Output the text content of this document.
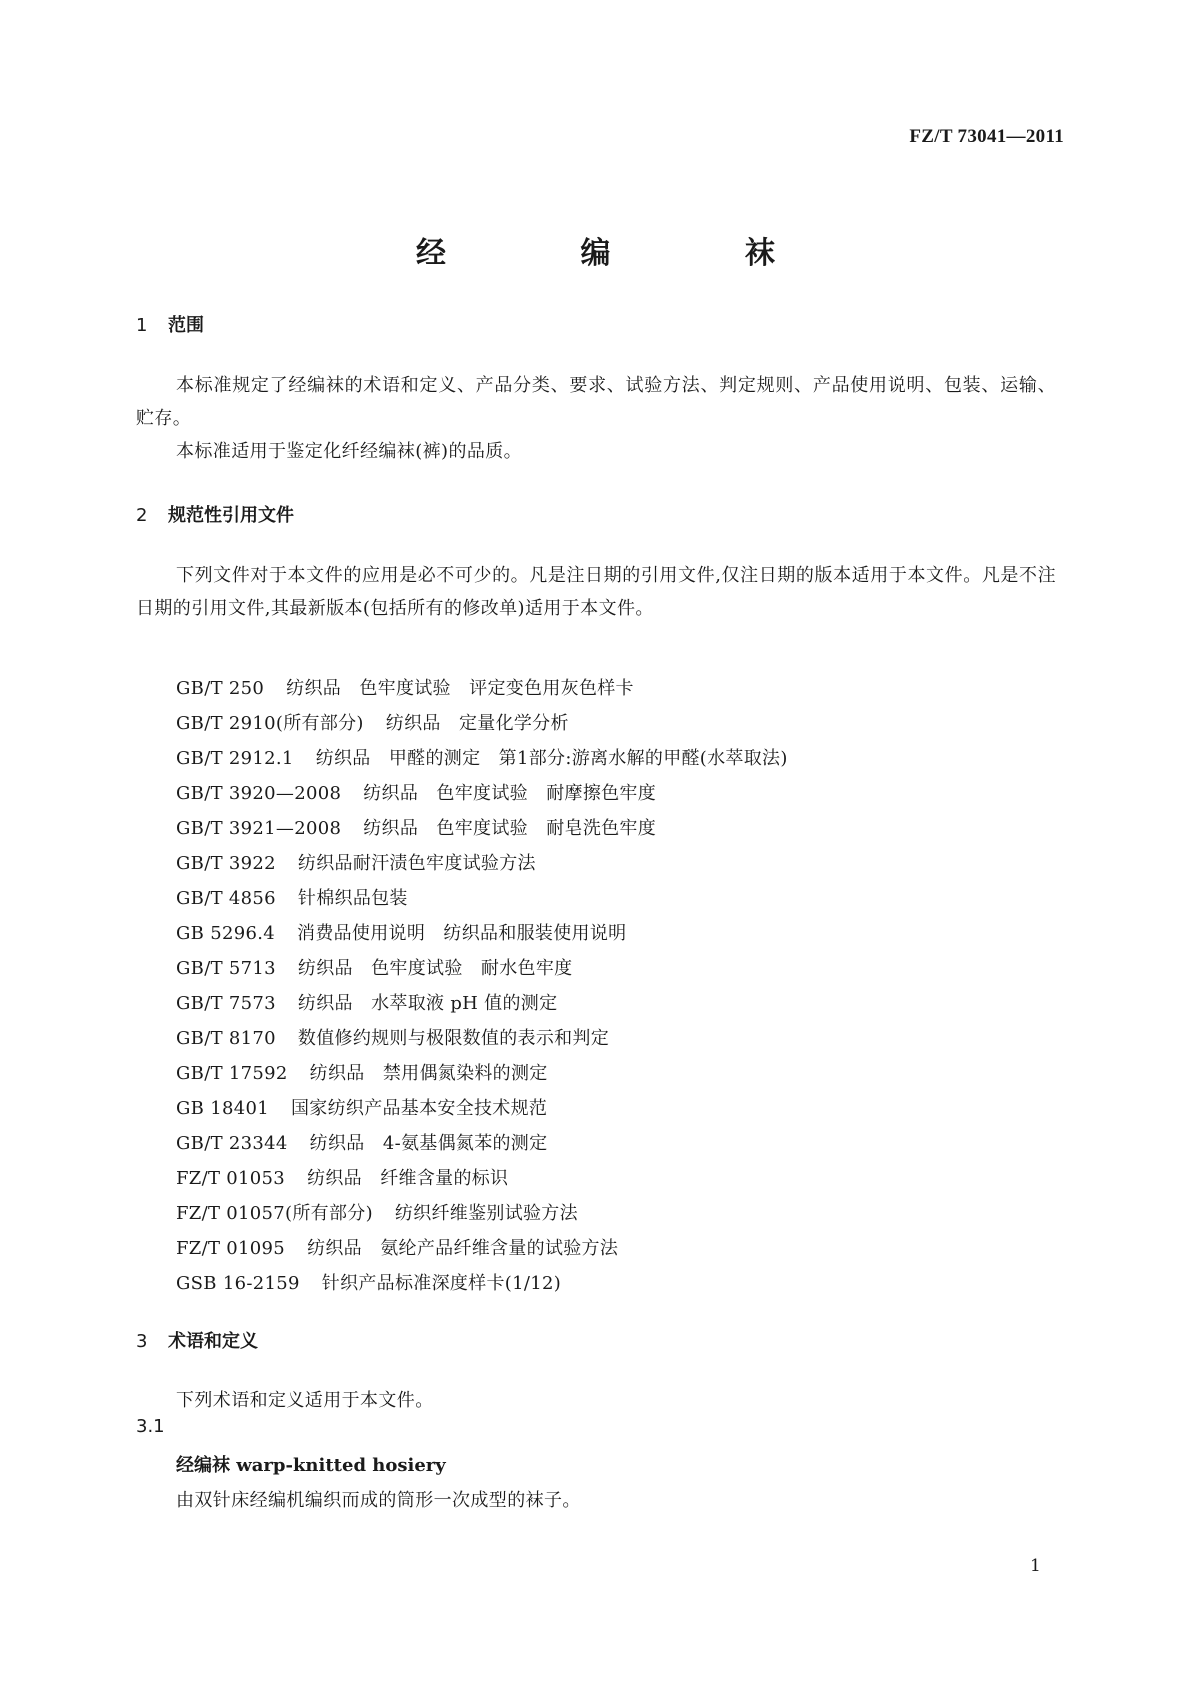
FZ/T 73041—2011
经 编 袜
1 范围
本标准规定了经编袜的术语和定义、产品分类、要求、试验方法、判定规则、产品使用说明、包装、运输、贮存。
本标准适用于鉴定化纤经编袜(裤)的品质。
2 规范性引用文件
下列文件对于本文件的应用是必不可少的。凡是注日期的引用文件,仅注日期的版本适用于本文件。凡是不注日期的引用文件,其最新版本(包括所有的修改单)适用于本文件。
GB/T 250 纺织品　色牢度试验　评定变色用灰色样卡
GB/T 2910(所有部分) 纺织品　定量化学分析
GB/T 2912.1 纺织品　甲醛的测定　第1部分:游离水解的甲醛(水萃取法)
GB/T 3920—2008 纺织品　色牢度试验　耐摩擦色牢度
GB/T 3921—2008 纺织品　色牢度试验　耐皂洗色牢度
GB/T 3922 纺织品耐汗渍色牢度试验方法
GB/T 4856 针棉织品包装
GB 5296.4 消费品使用说明　纺织品和服装使用说明
GB/T 5713 纺织品　色牢度试验　耐水色牢度
GB/T 7573 纺织品　水萃取液 pH 值的测定
GB/T 8170 数值修约规则与极限数值的表示和判定
GB/T 17592 纺织品　禁用偶氮染料的测定
GB 18401 国家纺织产品基本安全技术规范
GB/T 23344 纺织品　4-氨基偶氮苯的测定
FZ/T 01053 纺织品　纤维含量的标识
FZ/T 01057(所有部分) 纺织纤维鉴别试验方法
FZ/T 01095 纺织品　氨纶产品纤维含量的试验方法
GSB 16-2159 针织产品标准深度样卡(1/12)
3 术语和定义
下列术语和定义适用于本文件。
3.1
经编袜 warp-knitted hosiery
由双针床经编机编织而成的筒形一次成型的袜子。
1
